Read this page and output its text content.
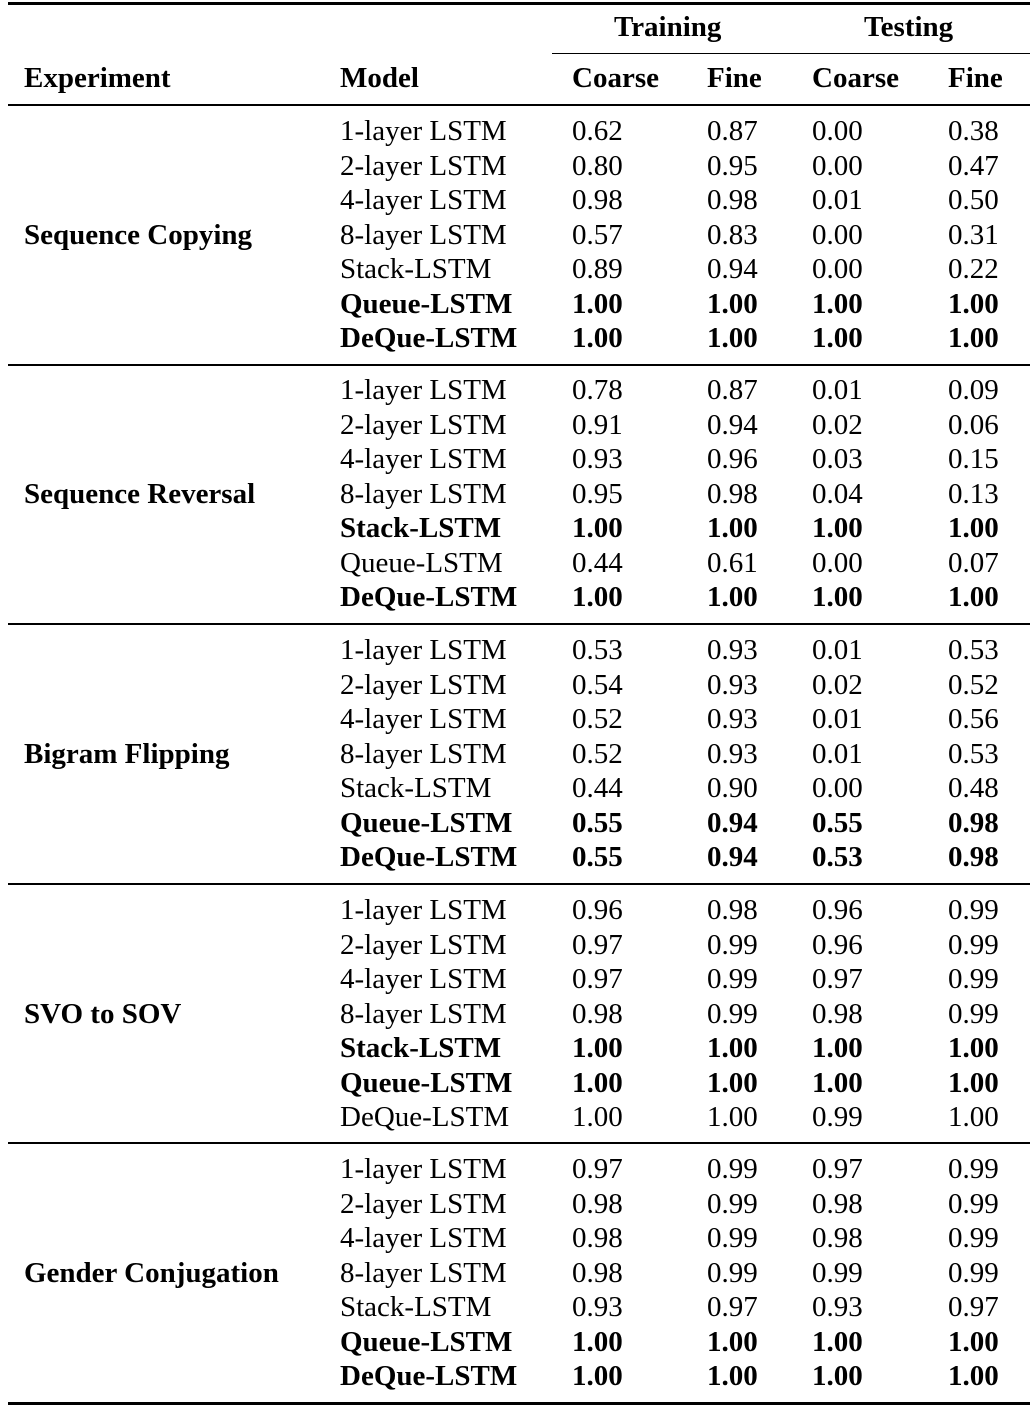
Training	Testing
Experiment	Model	Coarse Fine Coarse Fine
Sequence Copying
1-layer LSTM 0.62	0.87 0.00	0.38
2-layer LSTM 0.80	0.95 0.00	0.47
4-layer LSTM 0.98	0.98 0.01	0.50
8-layer LSTM 0.57	0.83 0.00	0.31
Stack-LSTM	0.89	0.94 0.00	0.22
Queue-LSTM 1.00	1.00 1.00	1.00
DeQue-LSTM 1.00	1.00 1.00	1.00
Sequence Reversal
1-layer LSTM 0.78	0.87 0.01	0.09
2-layer LSTM 0.91	0.94 0.02	0.06
4-layer LSTM 0.93	0.96 0.03	0.15
8-layer LSTM 0.95	0.98 0.04	0.13
Stack-LSTM 1.00	1.00 1.00	1.00
Queue-LSTM 0.44	0.61 0.00	0.07
DeQue-LSTM 1.00	1.00 1.00	1.00
Bigram Flipping
1-layer LSTM 0.53	0.93 0.01	0.53
2-layer LSTM 0.54	0.93 0.02	0.52
4-layer LSTM 0.52	0.93 0.01	0.56
8-layer LSTM 0.52	0.93 0.01	0.53
Stack-LSTM	0.44	0.90 0.00	0.48
Queue-LSTM 0.55	0.94 0.55	0.98
DeQue-LSTM 0.55	0.94 0.53	0.98
SVO to SOV
1-layer LSTM 0.96	0.98 0.96	0.99
2-layer LSTM 0.97	0.99 0.96	0.99
4-layer LSTM 0.97	0.99 0.97	0.99
8-layer LSTM 0.98	0.99 0.98	0.99
Stack-LSTM 1.00	1.00 1.00	1.00
Queue-LSTM 1.00	1.00 1.00	1.00
DeQue-LSTM 1.00	1.00 0.99	1.00
Gender Conjugation
1-layer LSTM 0.97	0.99 0.97	0.99
2-layer LSTM 0.98	0.99 0.98	0.99
4-layer LSTM 0.98	0.99 0.98	0.99
8-layer LSTM 0.98	0.99 0.99	0.99
Stack-LSTM	0.93	0.97 0.93	0.97
Queue-LSTM 1.00	1.00 1.00	1.00
DeQue-LSTM 1.00	1.00 1.00	1.00
